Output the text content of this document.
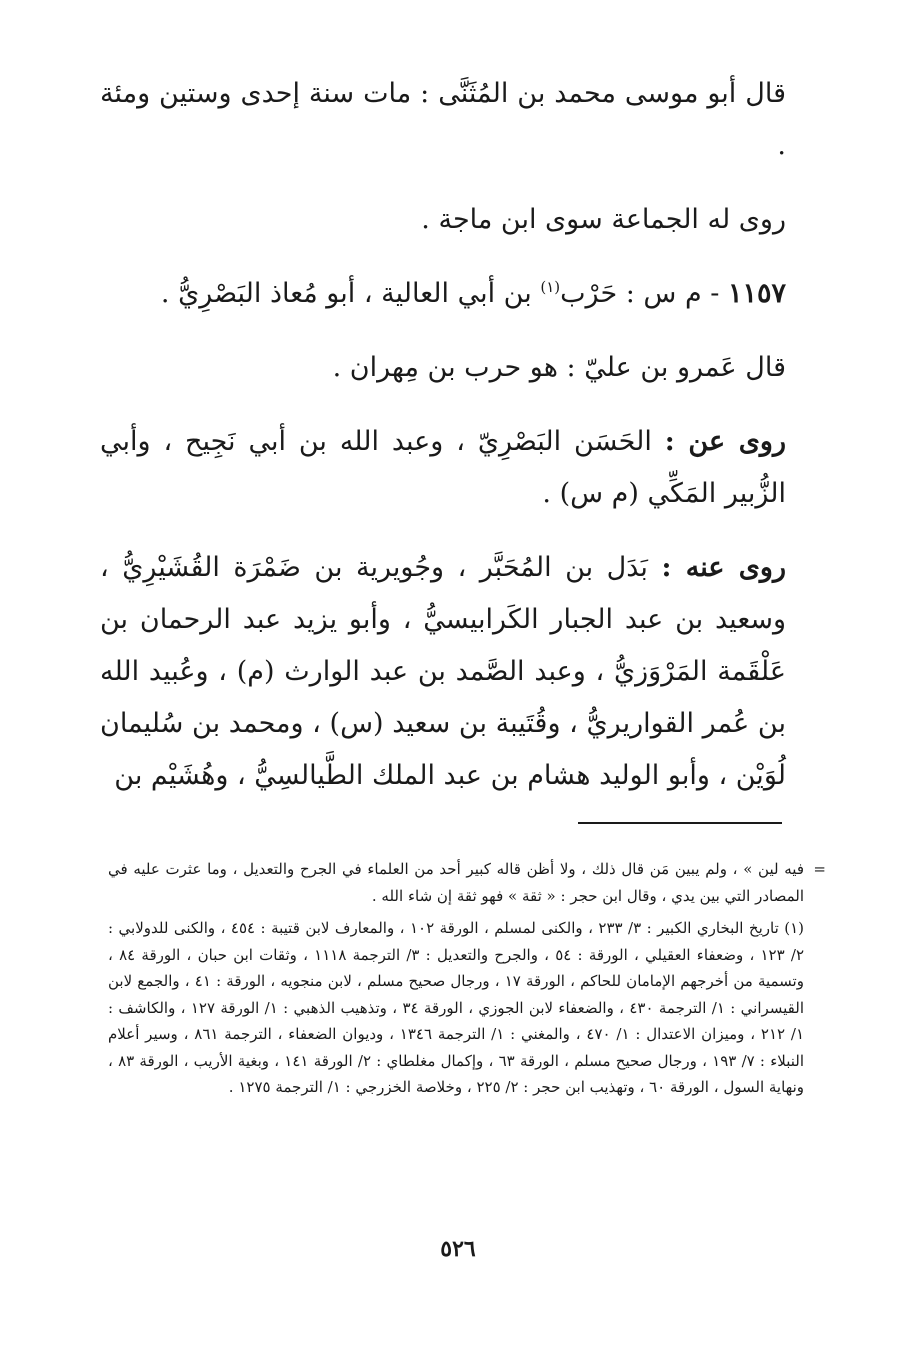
قال أبو موسى محمد بن المُثَنَّى : مات سنة إحدى وستين ومئة .

روى له الجماعة سوى ابن ماجة .

١١٥٧ - م س : حَرْب$^{(١)}$ بن أبي العالية ، أبو مُعاذ البَصْرِيُّ .

قال عَمرو بن عليّ : هو حرب بن مِهران .

روى عن : الحَسَن البَصْرِيّ ، وعبد الله بن أبي نَجِيح ، وأبي الزُّبير المَكِّي (م س) .

روى عنه : بَدَل بن المُحَبَّر ، وجُويرية بن ضَمْرَة القُشَيْرِيُّ ، وسعيد بن عبد الجبار الكَرابيسيُّ ، وأبو يزيد عبد الرحمان بن عَلْقَمة المَرْوَزيُّ ، وعبد الصَّمد بن عبد الوارث (م) ، وعُبيد الله بن عُمر القواريريُّ ، وقُتَيبة بن سعيد (س) ، ومحمد بن سُليمان لُوَيْن ، وأبو الوليد هشام بن عبد الملك الطَّيالسِيُّ ، وهُشَيْم بن

=
فيه لين » ، ولم يبين مَن قال ذلك ، ولا أظن قاله كبير أحد من العلماء في الجرح والتعديل ، وما عثرت عليه في المصادر التي بين يدي ، وقال ابن حجر : « ثقة » فهو ثقة إن شاء الله .

(١) تاريخ البخاري الكبير : ٣/ ٢٣٣ ، والكنى لمسلم ، الورقة ١٠٢ ، والمعارف لابن قتيبة : ٤٥٤ ، والكنى للدولابي : ٢/ ١٢٣ ، وضعفاء العقيلي ، الورقة : ٥٤ ، والجرح والتعديل : ٣/ الترجمة ١١١٨ ، وثقات ابن حبان ، الورقة ٨٤ ، وتسمية من أخرجهم الإمامان للحاكم ، الورقة ١٧ ، ورجال صحيح مسلم ، لابن منجويه ، الورقة : ٤١ ، والجمع لابن القيسراني : ١/ الترجمة ٤٣٠ ، والضعفاء لابن الجوزي ، الورقة ٣٤ ، وتذهيب الذهبي : ١/ الورقة ١٢٧ ، والكاشف : ١/ ٢١٢ ، وميزان الاعتدال : ١/ ٤٧٠ ، والمغني : ١/ الترجمة ١٣٤٦ ، وديوان الضعفاء ، الترجمة ٨٦١ ، وسير أعلام النبلاء : ٧/ ١٩٣ ، ورجال صحيح مسلم ، الورقة ٦٣ ، وإكمال مغلطاي : ٢/ الورقة ١٤١ ، وبغية الأريب ، الورقة ٨٣ ، ونهاية السول ، الورقة ٦٠ ، وتهذيب ابن حجر : ٢/ ٢٢٥ ، وخلاصة الخزرجي : ١/ الترجمة ١٢٧٥ .

٥٢٦
